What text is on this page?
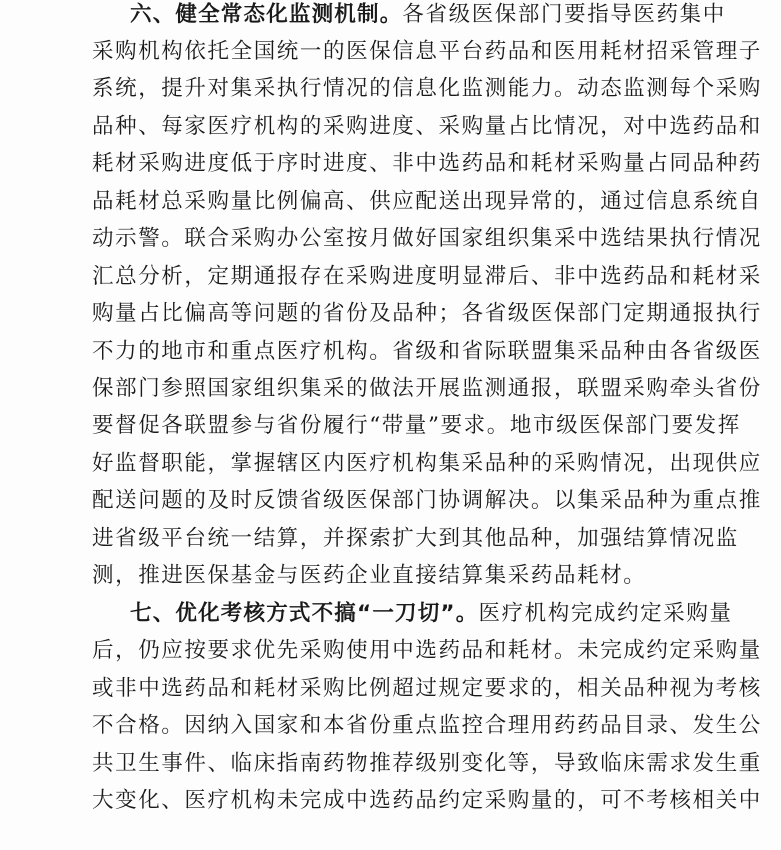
六、健全常态化监测机制。各省级医保部门要指导医药集中
采购机构依托全国统一的医保信息平台药品和医用耗材招采管理子
系统，提升对集采执行情况的信息化监测能力。动态监测每个采购
品种、每家医疗机构的采购进度、采购量占比情况，对中选药品和
耗材采购进度低于序时进度、非中选药品和耗材采购量占同品种药
品耗材总采购量比例偏高、供应配送出现异常的，通过信息系统自
动示警。联合采购办公室按月做好国家组织集采中选结果执行情况
汇总分析，定期通报存在采购进度明显滞后、非中选药品和耗材采
购量占比偏高等问题的省份及品种；各省级医保部门定期通报执行
不力的地市和重点医疗机构。省级和省际联盟集采品种由各省级医
保部门参照国家组织集采的做法开展监测通报，联盟采购牵头省份
要督促各联盟参与省份履行“带量”要求。地市级医保部门要发挥
好监督职能，掌握辖区内医疗机构集采品种的采购情况，出现供应
配送问题的及时反馈省级医保部门协调解决。以集采品种为重点推
进省级平台统一结算，并探索扩大到其他品种，加强结算情况监
测，推进医保基金与医药企业直接结算集采药品耗材。
七、优化考核方式不搞“一刀切”。医疗机构完成约定采购量
后，仍应按要求优先采购使用中选药品和耗材。未完成约定采购量
或非中选药品和耗材采购比例超过规定要求的，相关品种视为考核
不合格。因纳入国家和本省份重点监控合理用药药品目录、发生公
共卫生事件、临床指南药物推荐级别变化等，导致临床需求发生重
大变化、医疗机构未完成中选药品约定采购量的，可不考核相关中
